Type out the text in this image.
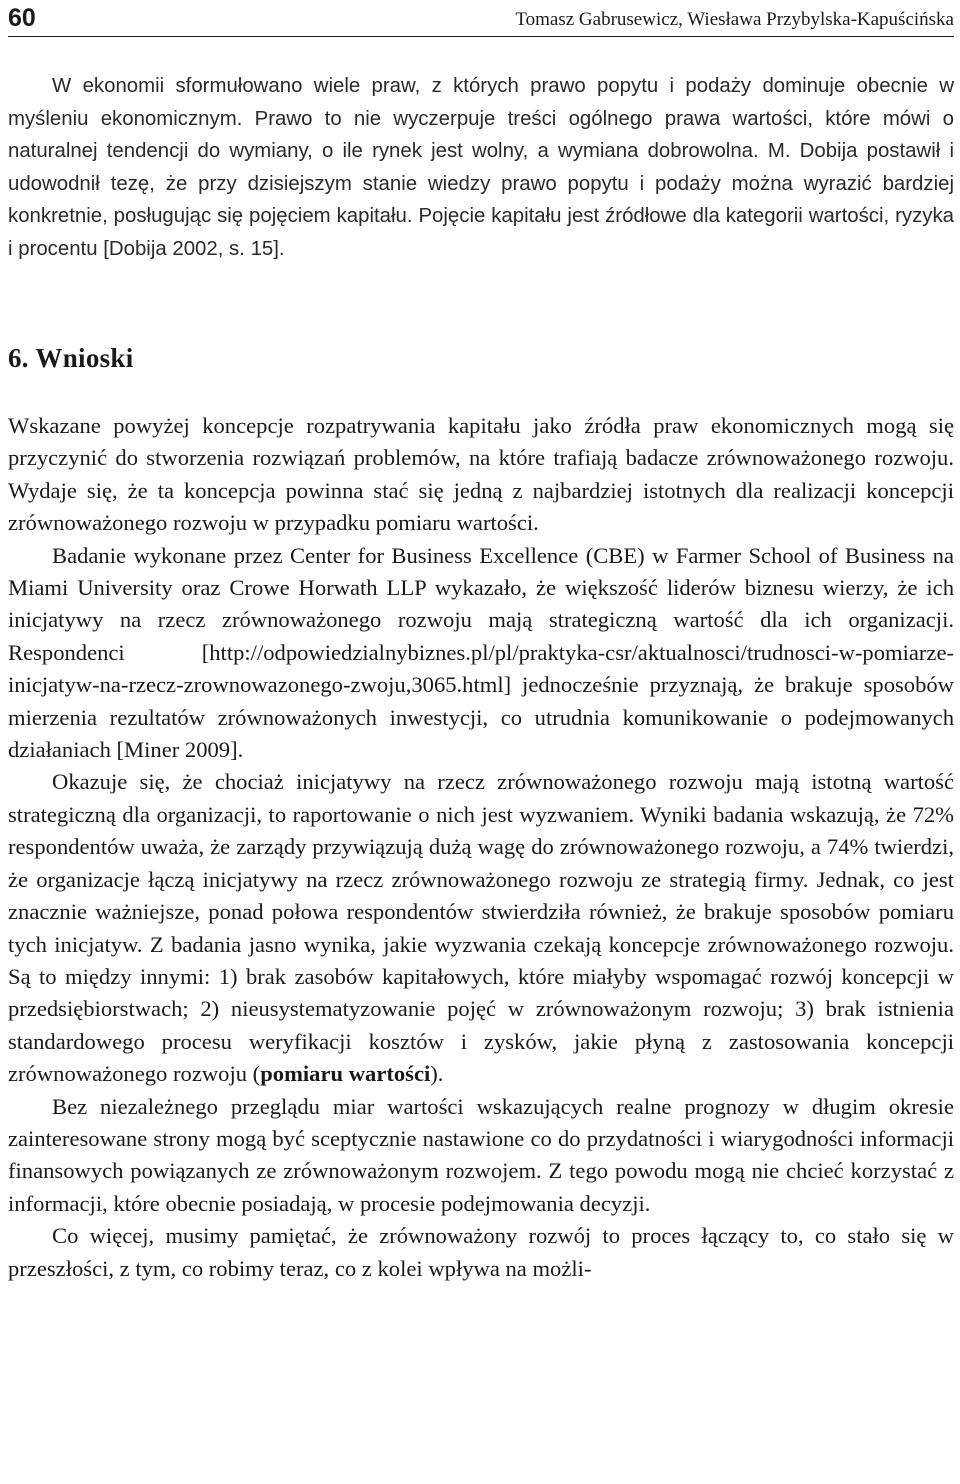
60	Tomasz Gabrusewicz, Wiesława Przybylska-Kapuścińska

W ekonomii sformułowano wiele praw, z których prawo popytu i podaży dominuje obecnie w myśleniu ekonomicznym. Prawo to nie wyczerpuje treści ogólnego prawa wartości, które mówi o naturalnej tendencji do wymiany, o ile rynek jest wolny, a wymiana dobrowolna. M. Dobija postawił i udowodnił tezę, że przy dzisiejszym stanie wiedzy prawo popytu i podaży można wyrazić bardziej konkretnie, posługując się pojęciem kapitału. Pojęcie kapitału jest źródłowe dla kategorii wartości, ryzyka i procentu [Dobija 2002, s. 15].

6. Wnioski

Wskazane powyżej koncepcje rozpatrywania kapitału jako źródła praw ekonomicznych mogą się przyczynić do stworzenia rozwiązań problemów, na które trafiają badacze zrównoważonego rozwoju. Wydaje się, że ta koncepcja powinna stać się jedną z najbardziej istotnych dla realizacji koncepcji zrównoważonego rozwoju w przypadku pomiaru wartości.

Badanie wykonane przez Center for Business Excellence (CBE) w Farmer School of Business na Miami University oraz Crowe Horwath LLP wykazało, że większość liderów biznesu wierzy, że ich inicjatywy na rzecz zrównoważonego rozwoju mają strategiczną wartość dla ich organizacji. Respondenci [http://odpowiedzialnybiznes.pl/pl/praktyka-csr/aktualnosci/trudnosci-w-pomiarze-inicjatyw-na-rzecz-zrownowazonego-zwoju,3065.html] jednocześnie przyznają, że brakuje sposobów mierzenia rezultatów zrównoważonych inwestycji, co utrudnia komunikowanie o podejmowanych działaniach [Miner 2009].

Okazuje się, że chociaż inicjatywy na rzecz zrównoważonego rozwoju mają istotną wartość strategiczną dla organizacji, to raportowanie o nich jest wyzwaniem. Wyniki badania wskazują, że 72% respondentów uważa, że zarządy przywiązują dużą wagę do zrównoważonego rozwoju, a 74% twierdzi, że organizacje łączą inicjatywy na rzecz zrównoważonego rozwoju ze strategią firmy. Jednak, co jest znacznie ważniejsze, ponad połowa respondentów stwierdziła również, że brakuje sposobów pomiaru tych inicjatyw. Z badania jasno wynika, jakie wyzwania czekają koncepcje zrównoważonego rozwoju. Są to między innymi: 1) brak zasobów kapitałowych, które miałyby wspomagać rozwój koncepcji w przedsiębiorstwach; 2) nieusystematyzowanie pojęć w zrównoważonym rozwoju; 3) brak istnienia standardowego procesu weryfikacji kosztów i zysków, jakie płyną z zastosowania koncepcji zrównoważonego rozwoju (pomiaru wartości).

Bez niezależnego przeglądu miar wartości wskazujących realne prognozy w długim okresie zainteresowane strony mogą być sceptycznie nastawione co do przydatności i wiarygodności informacji finansowych powiązanych ze zrównoważonym rozwojem. Z tego powodu mogą nie chcieć korzystać z informacji, które obecnie posiadają, w procesie podejmowania decyzji.

Co więcej, musimy pamiętać, że zrównoważony rozwój to proces łączący to, co stało się w przeszłości, z tym, co robimy teraz, co z kolei wpływa na możli-
